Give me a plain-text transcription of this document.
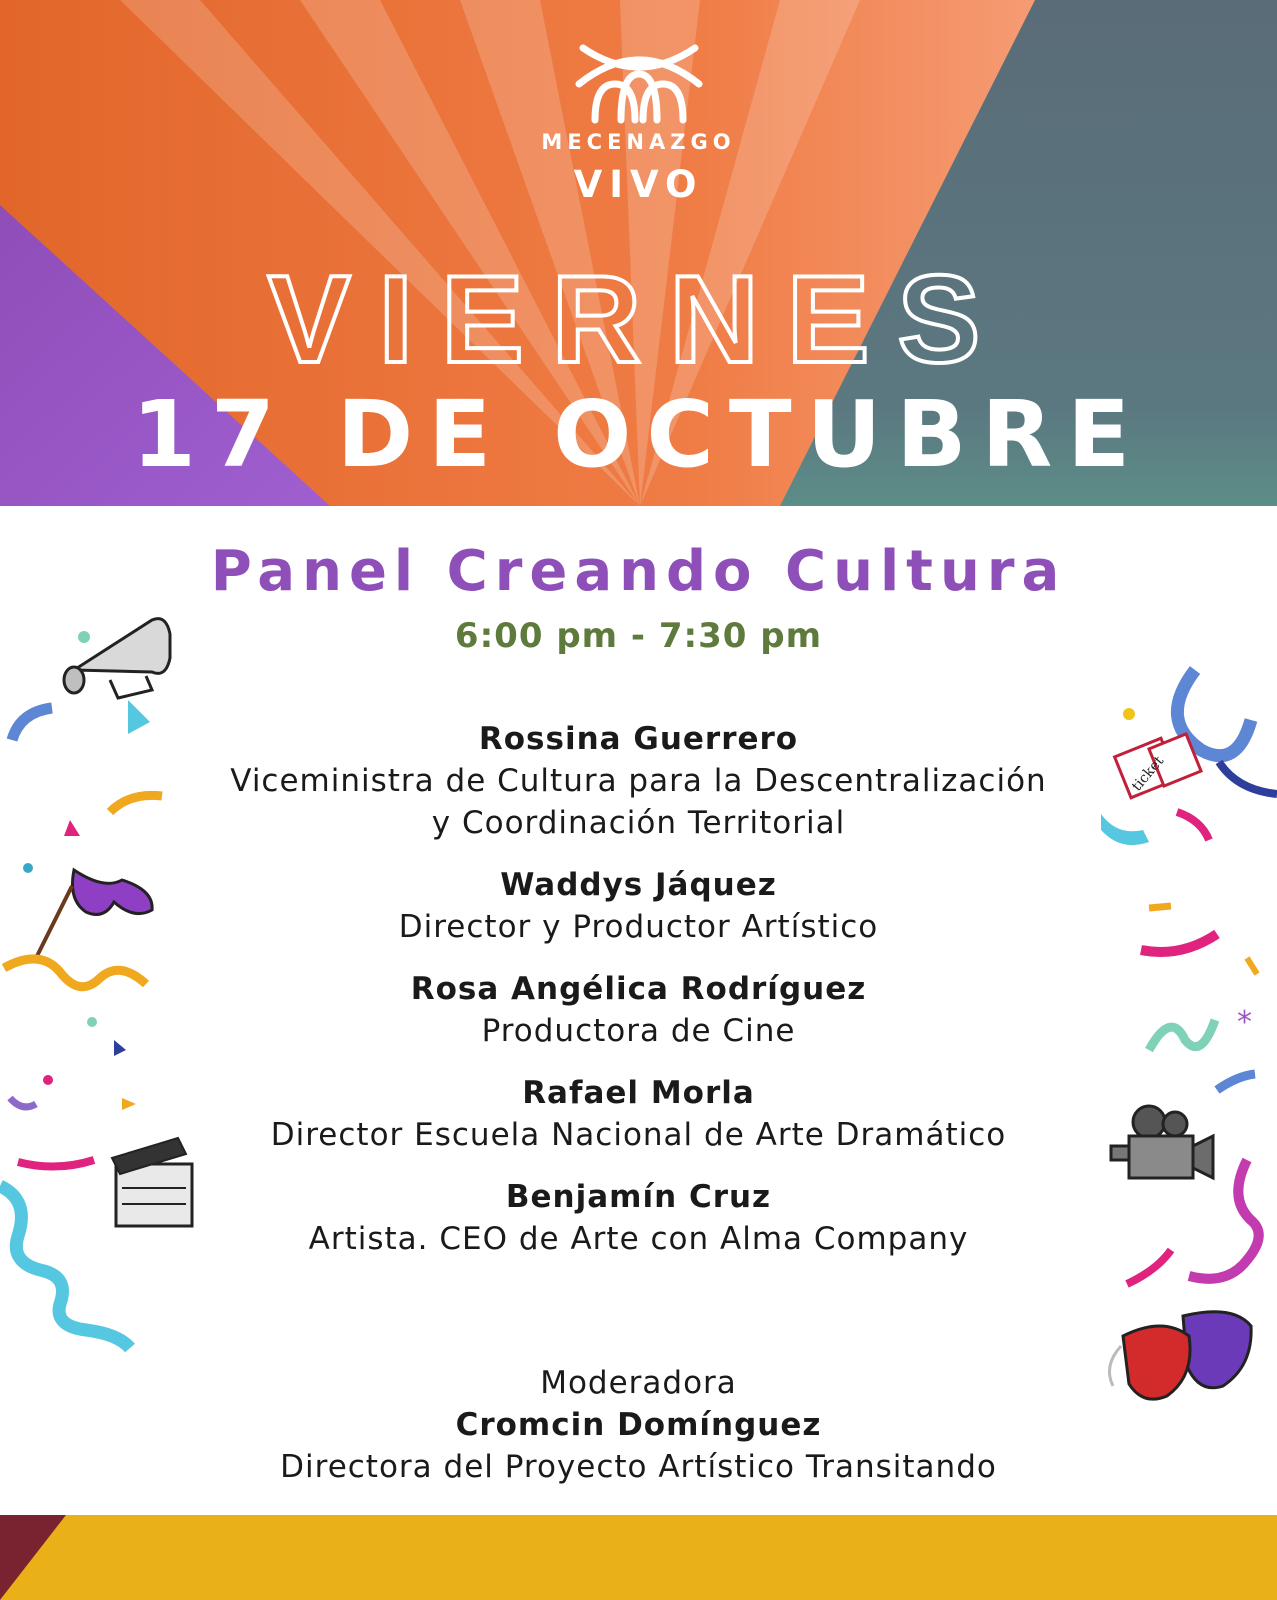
MECENAZGO
VIVO
VIERNES
17 DE OCTUBRE
ticket
*
Panel Creando Cultura
6:00 pm - 7:30 pm
Rossina Guerrero
Viceministra de Cultura para la Descentralización
y Coordinación Territorial
Waddys Jáquez
Director y Productor Artístico
Rosa Angélica Rodríguez
Productora de Cine
Rafael Morla
Director Escuela Nacional de Arte Dramático
Benjamín Cruz
Artista. CEO de Arte con Alma Company
Moderadora
Cromcin Domínguez
Directora del Proyecto Artístico Transitando
